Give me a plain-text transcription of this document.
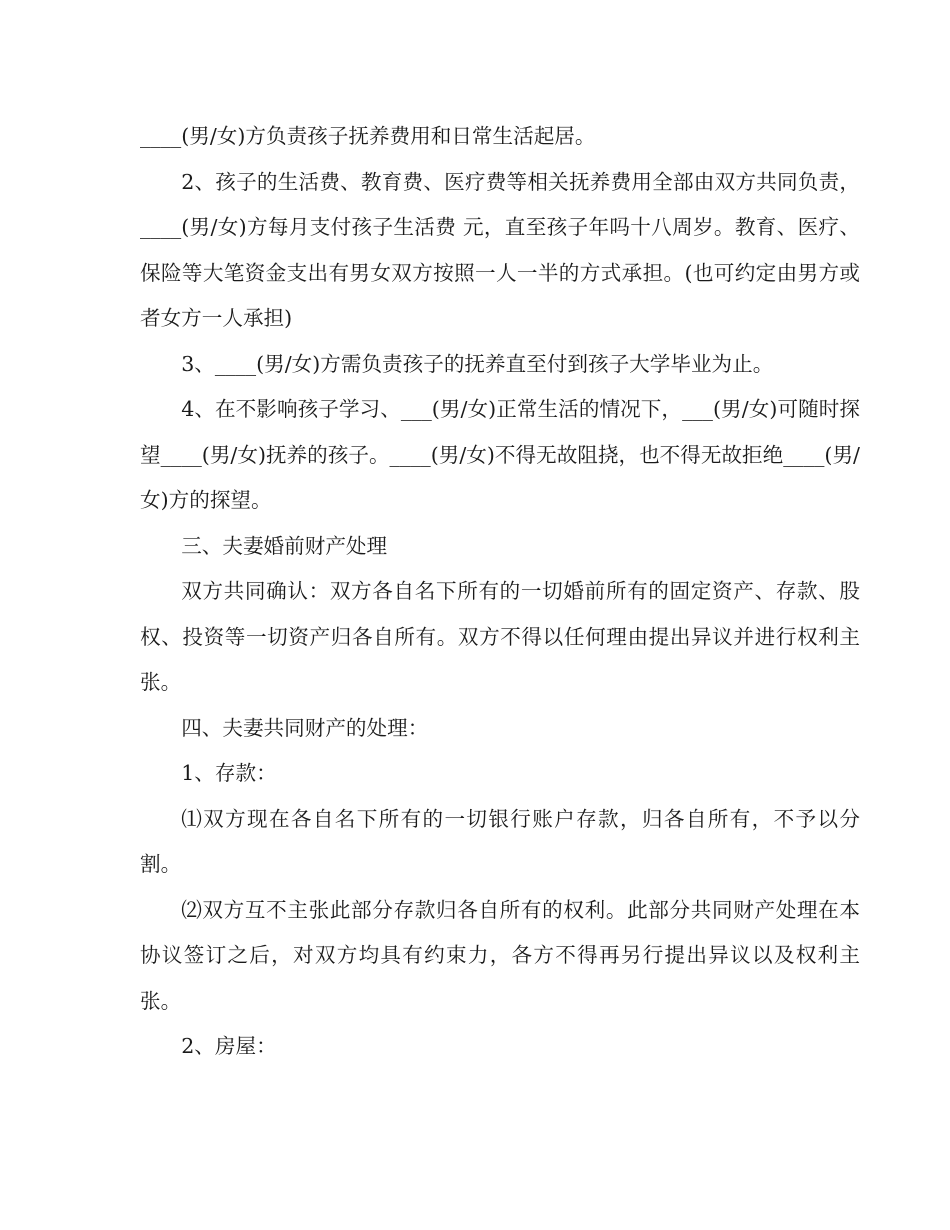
____(男/女)方负责孩子抚养费用和日常生活起居。

2、孩子的生活费、教育费、医疗费等相关抚养费用全部由双方共同负责，____(男/女)方每月支付孩子生活费 元，直至孩子年吗十八周岁。教育、医疗、保险等大笔资金支出有男女双方按照一人一半的方式承担。(也可约定由男方或者女方一人承担)

3、____(男/女)方需负责孩子的抚养直至付到孩子大学毕业为止。

4、在不影响孩子学习、___(男/女)正常生活的情况下，___(男/女)可随时探望____(男/女)抚养的孩子。____(男/女)不得无故阻挠，也不得无故拒绝____(男/女)方的探望。

三、夫妻婚前财产处理

双方共同确认：双方各自名下所有的一切婚前所有的固定资产、存款、股权、投资等一切资产归各自所有。双方不得以任何理由提出异议并进行权利主张。

四、夫妻共同财产的处理：

1、存款：

⑴双方现在各自名下所有的一切银行账户存款，归各自所有，不予以分割。

⑵双方互不主张此部分存款归各自所有的权利。此部分共同财产处理在本协议签订之后，对双方均具有约束力，各方不得再另行提出异议以及权利主张。

2、房屋：
